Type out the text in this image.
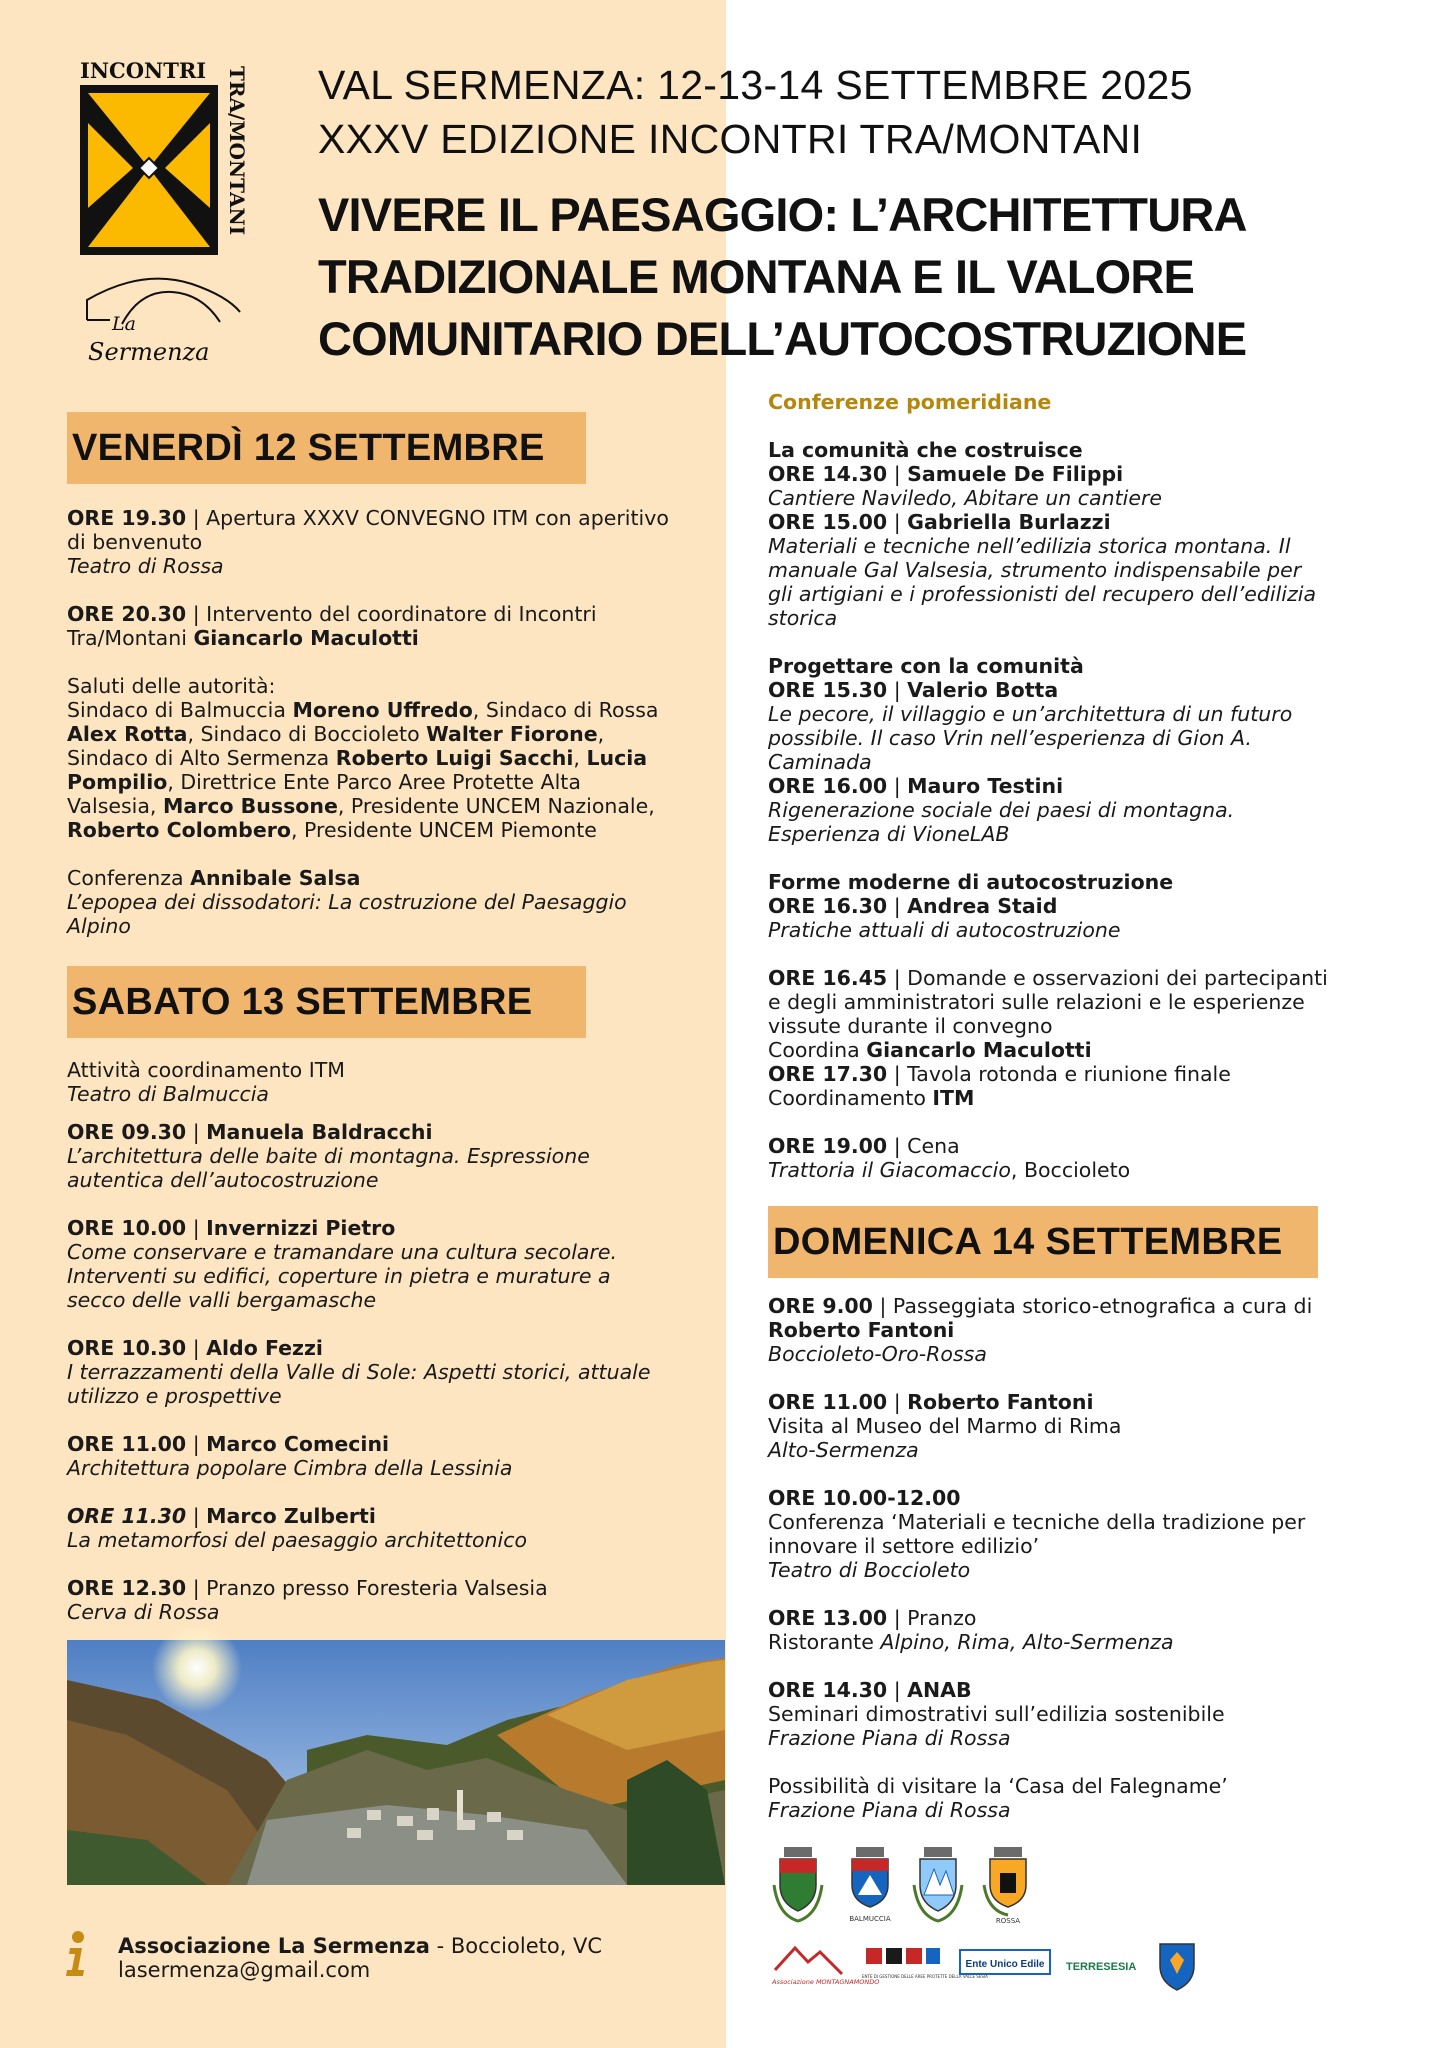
INCONTRI TRA/MONTANI
La
Sermenza
VAL SERMENZA: 12-13-14 SETTEMBRE 2025
XXXV EDIZIONE INCONTRI TRA/MONTANI
VIVERE IL PAESAGGIO: L’ARCHITETTURA
TRADIZIONALE MONTANA E IL VALORE
COMUNITARIO DELL’AUTOCOSTRUZIONE
VENERDÌ 12 SETTEMBRE

ORE 19.30 | Apertura XXXV CONVEGNO ITM con aperitivo

di benvenuto

Teatro di Rossa

ORE 20.30 | Intervento del coordinatore di Incontri

Tra/Montani Giancarlo Maculotti

Saluti delle autorità:

Sindaco di Balmuccia Moreno Uffredo, Sindaco di Rossa

Alex Rotta, Sindaco di Boccioleto Walter Fiorone,

Sindaco di Alto Sermenza Roberto Luigi Sacchi, Lucia

Pompilio, Direttrice Ente Parco Aree Protette Alta

Valsesia, Marco Bussone, Presidente UNCEM Nazionale,

Roberto Colombero, Presidente UNCEM Piemonte

Conferenza Annibale Salsa

L’epopea dei dissodatori: La costruzione del Paesaggio

Alpino

SABATO 13 SETTEMBRE

Attività coordinamento ITM

Teatro di Balmuccia

ORE 09.30 | Manuela Baldracchi

L’architettura delle baite di montagna. Espressione

autentica dell’autocostruzione

ORE 10.00 | Invernizzi Pietro

Come conservare e tramandare una cultura secolare.

Interventi su edifici, coperture in pietra e murature a

secco delle valli bergamasche

ORE 10.30 | Aldo Fezzi

I terrazzamenti della Valle di Sole: Aspetti storici, attuale

utilizzo e prospettive

ORE 11.00 | Marco Comecini

Architettura popolare Cimbra della Lessinia

ORE 11.30 | Marco Zulberti

La metamorfosi del paesaggio architettonico

ORE 12.30 | Pranzo presso Foresteria Valsesia

Cerva di Rossa

Associazione La Sermenza - Boccioleto, VC

lasermenza@gmail.com

Conferenze pomeridiane

La comunità che costruisce

ORE 14.30 | Samuele De Filippi

Cantiere Naviledo, Abitare un cantiere

ORE 15.00 | Gabriella Burlazzi

Materiali e tecniche nell’edilizia storica montana. Il

manuale Gal Valsesia, strumento indispensabile per

gli artigiani e i professionisti del recupero dell’edilizia

storica

Progettare con la comunità

ORE 15.30 | Valerio Botta

Le pecore, il villaggio e un’architettura di un futuro

possibile. Il caso Vrin nell’esperienza di Gion A.

Caminada

ORE 16.00 | Mauro Testini

Rigenerazione sociale dei paesi di montagna.

Esperienza di VioneLAB

Forme moderne di autocostruzione

ORE 16.30 | Andrea Staid

Pratiche attuali di autocostruzione

ORE 16.45 | Domande e osservazioni dei partecipanti

e degli amministratori sulle relazioni e le esperienze

vissute durante il convegno

Coordina Giancarlo Maculotti

ORE 17.30 | Tavola rotonda e riunione finale

Coordinamento ITM

ORE 19.00 | Cena

Trattoria il Giacomaccio, Boccioleto

DOMENICA 14 SETTEMBRE

ORE 9.00 | Passeggiata storico-etnografica a cura di

Roberto Fantoni

Boccioleto-Oro-Rossa

ORE 11.00 | Roberto Fantoni

Visita al Museo del Marmo di Rima

Alto-Sermenza

ORE 10.00-12.00

Conferenza ‘Materiali e tecniche della tradizione per

innovare il settore edilizio’

Teatro di Boccioleto

ORE 13.00 | Pranzo

Ristorante Alpino, Rima, Alto-Sermenza

ORE 14.30 | ANAB

Seminari dimostrativi sull’edilizia sostenibile

Frazione Piana di Rossa

Possibilità di visitare la ‘Casa del Falegname’

Frazione Piana di Rossa

BALMUCCIA	ROSSA
Associazione MONTAGNAMONDO
ENTE DI GESTIONE DELLE AREE PROTETTE DELLA VALLE SESIA
Ente Unico Edile TERRESESIA
